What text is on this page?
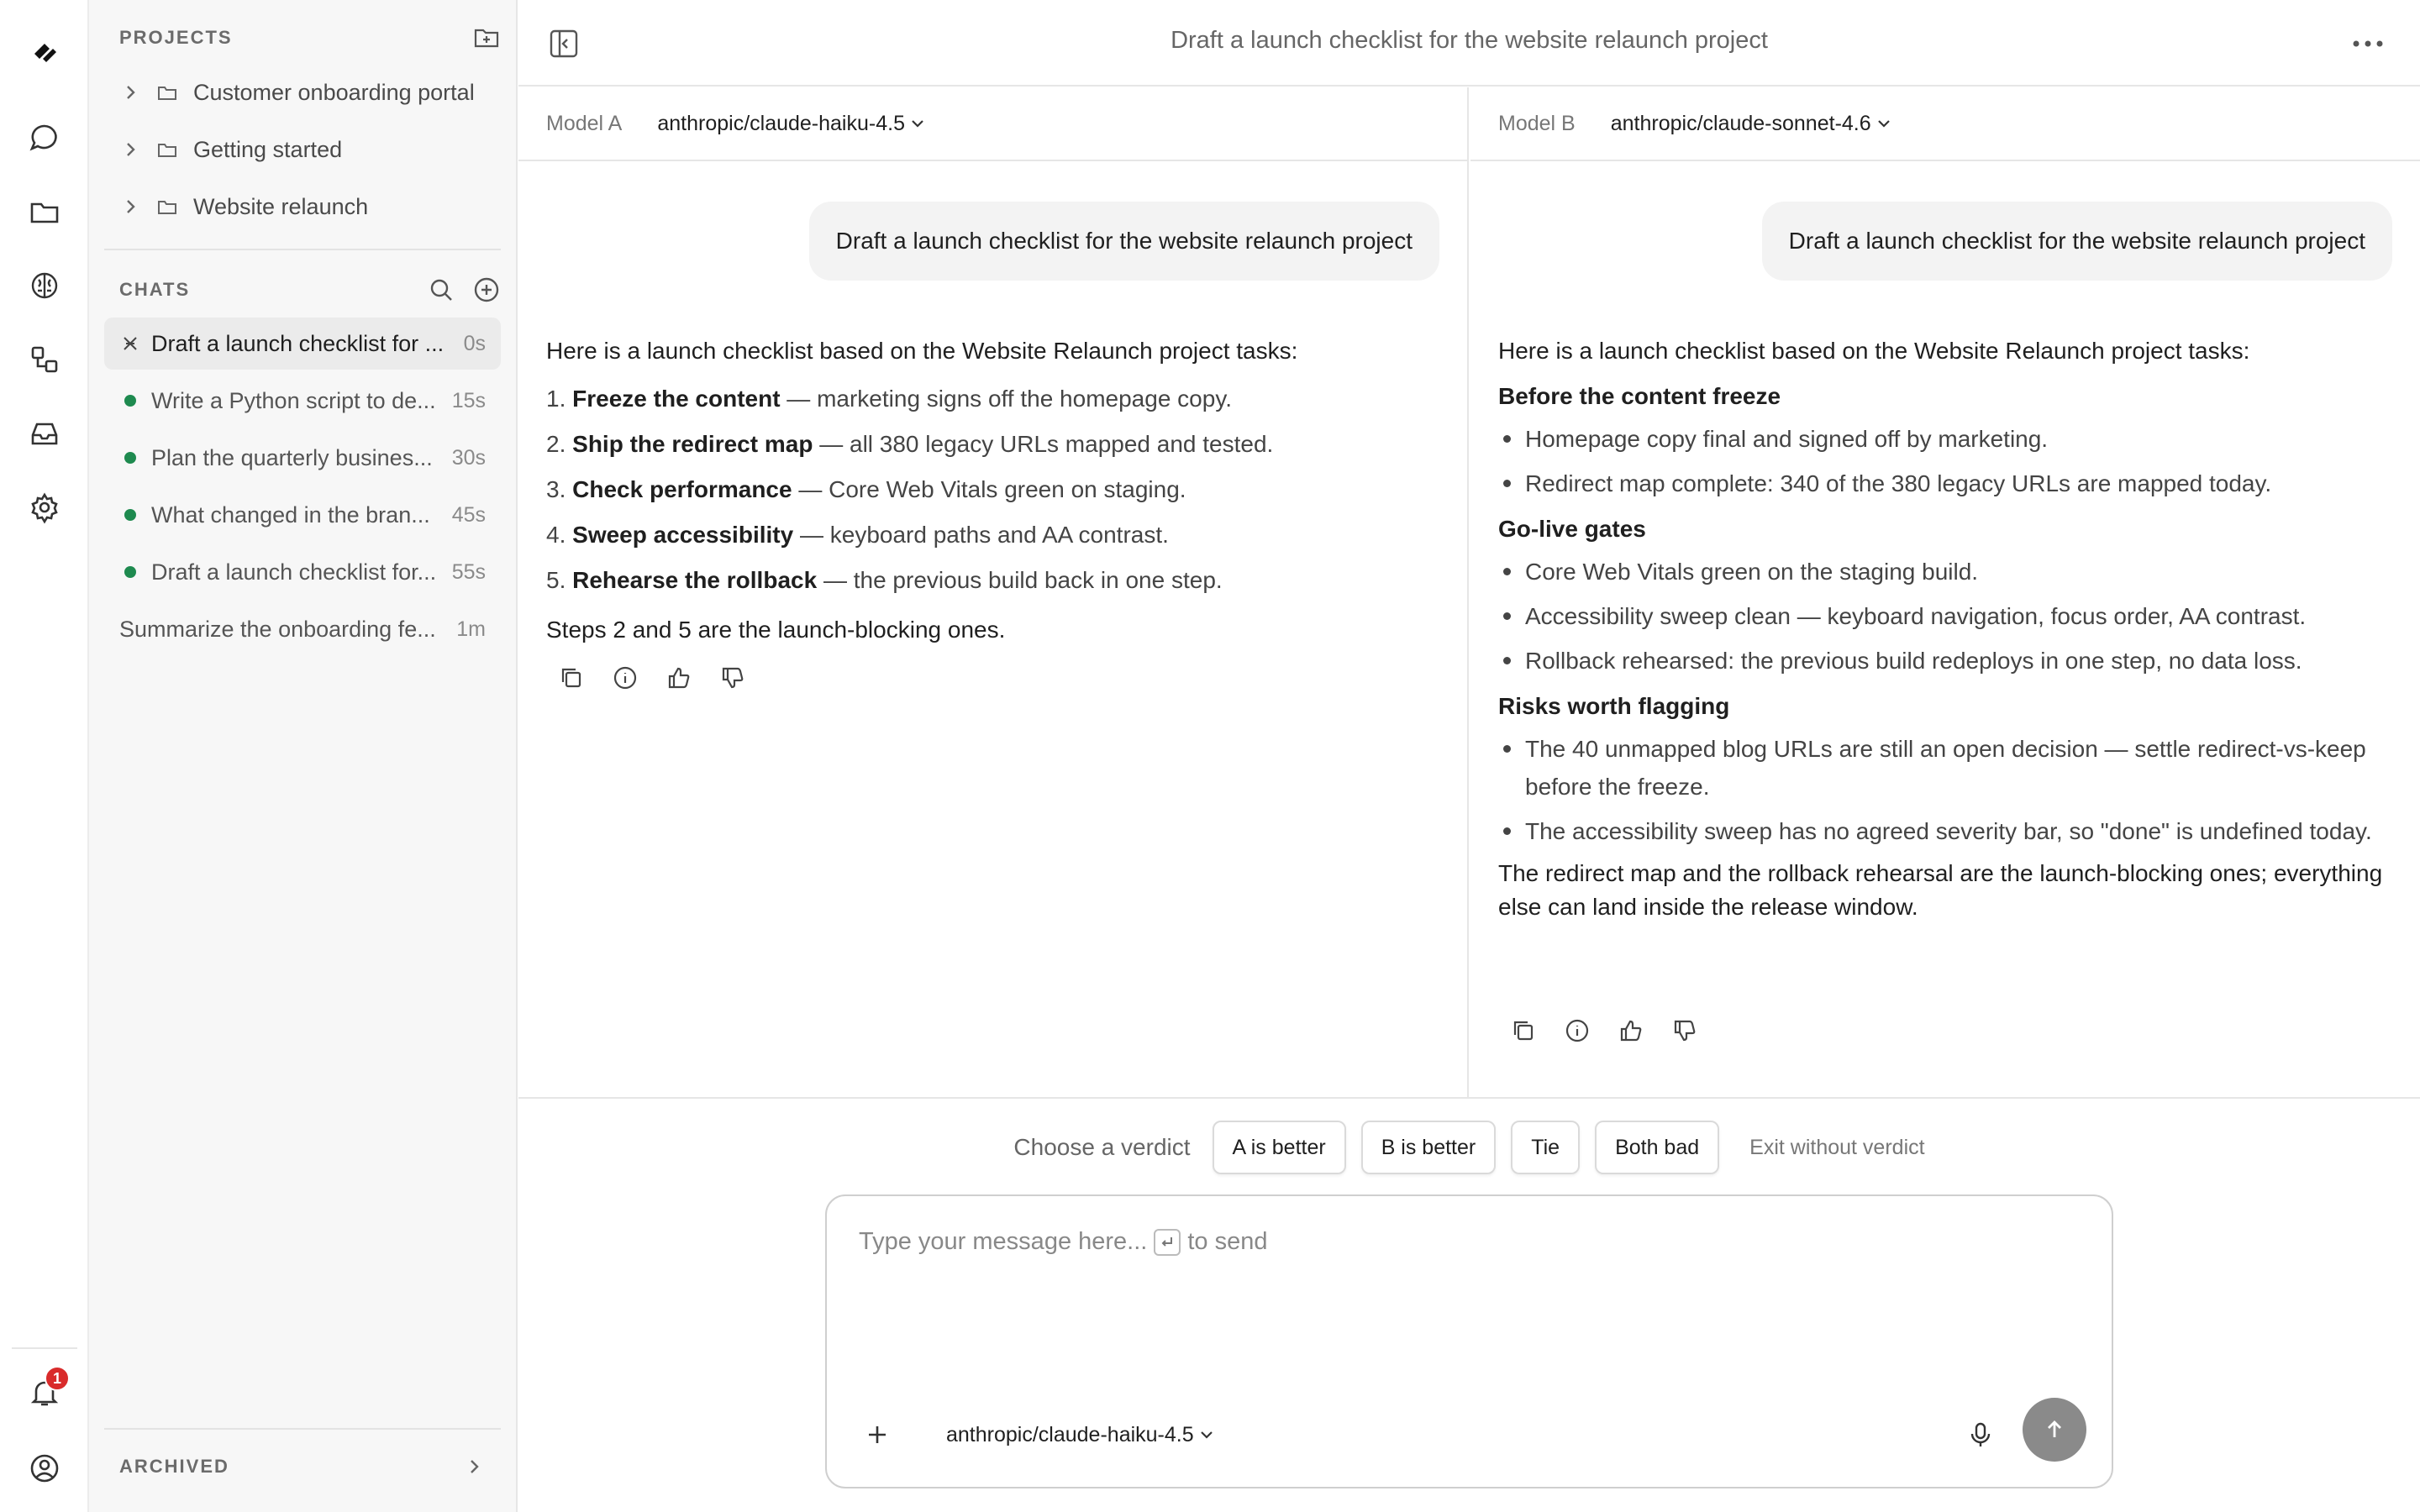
1
PROJECTS
Customer onboarding portal
Getting started
Website relaunch
CHATS
Draft a launch checklist for ... 0s
Write a Python script to de... 15s
Plan the quarterly busines... 30s
What changed in the bran...	45s
Draft a launch checklist for... 55s
Summarize the onboarding fe... 1m
ARCHIVED
Draft a launch checklist for the website relaunch project
Model A anthropic/claude-haiku-4.5
Draft a launch checklist for the website relaunch project
Here is a launch checklist based on the Website Relaunch project tasks:
1. Freeze the content — marketing signs off the homepage copy.
2. Ship the redirect map — all 380 legacy URLs mapped and tested.
3. Check performance — Core Web Vitals green on staging.
4. Sweep accessibility — keyboard paths and AA contrast.
5. Rehearse the rollback — the previous build back in one step.
Steps 2 and 5 are the launch-blocking ones.
Model B anthropic/claude-sonnet-4.6
Draft a launch checklist for the website relaunch project
Here is a launch checklist based on the Website Relaunch project tasks:
Before the content freeze
Homepage copy final and signed off by marketing.
Redirect map complete: 340 of the 380 legacy URLs are mapped today.
Go-live gates
Core Web Vitals green on the staging build.
Accessibility sweep clean — keyboard navigation, focus order, AA contrast.
Rollback rehearsed: the previous build redeploys in one step, no data loss.
Risks worth flagging
The 40 unmapped blog URLs are still an open decision — settle redirect-vs-keep before the freeze.
The accessibility sweep has no agreed severity bar, so "done" is undefined today.
The redirect map and the rollback rehearsal are the launch-blocking ones; everything else can land inside the release window.
Choose a verdict	A is better	B is better	Tie	Both bad	Exit without verdict
Type your message here... to send
anthropic/claude-haiku-4.5
